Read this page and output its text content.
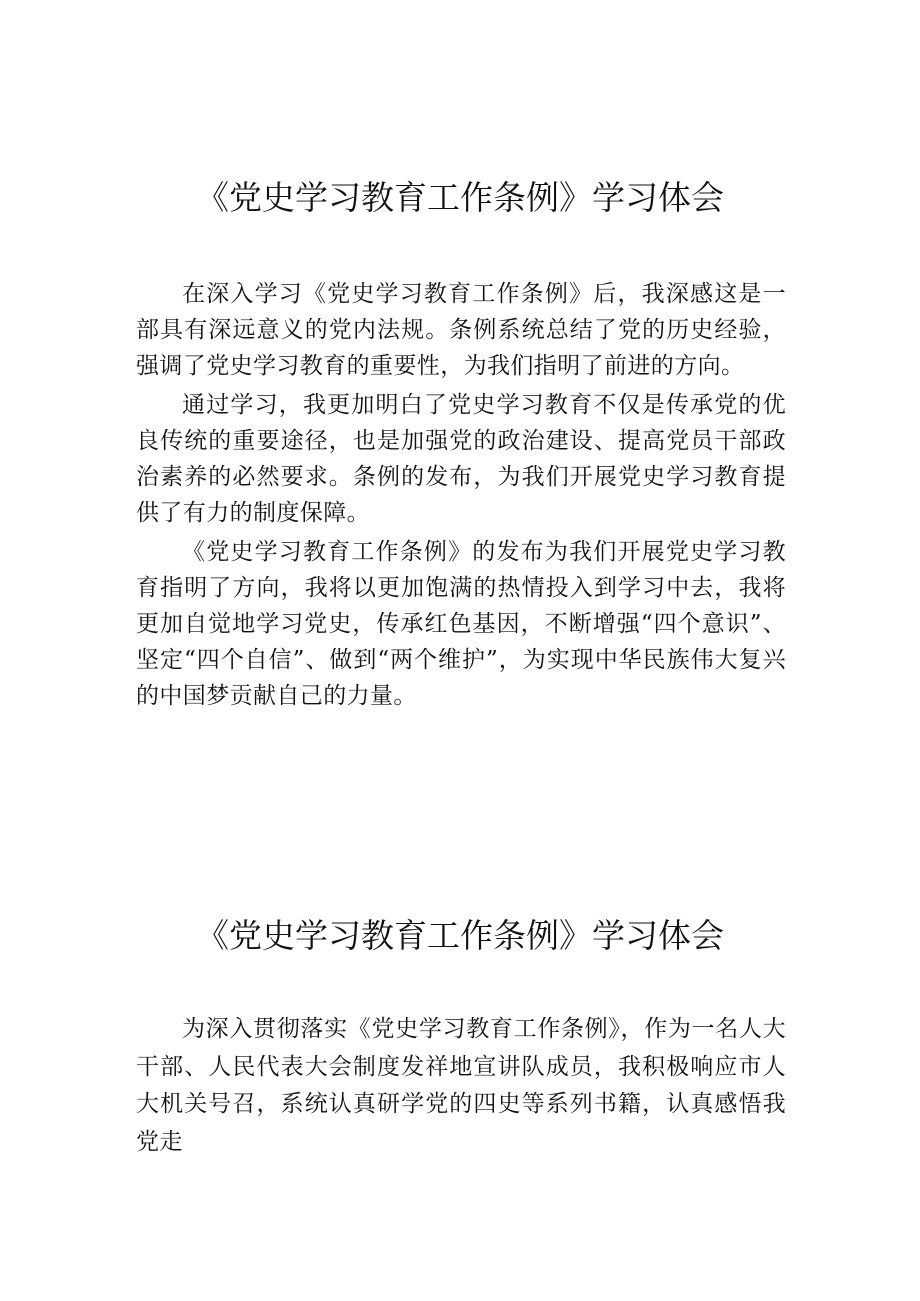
《党史学习教育工作条例》学习体会

在深入学习《党史学习教育工作条例》后，我深感这是一部具有深远意义的党内法规。条例系统总结了党的历史经验，强调了党史学习教育的重要性，为我们指明了前进的方向。

通过学习，我更加明白了党史学习教育不仅是传承党的优良传统的重要途径，也是加强党的政治建设、提高党员干部政治素养的必然要求。条例的发布，为我们开展党史学习教育提供了有力的制度保障。

《党史学习教育工作条例》的发布为我们开展党史学习教育指明了方向，我将以更加饱满的热情投入到学习中去，我将更加自觉地学习党史，传承红色基因，不断增强“四个意识”、坚定“四个自信”、做到“两个维护”，为实现中华民族伟大复兴的中国梦贡献自己的力量。

《党史学习教育工作条例》学习体会

为深入贯彻落实《党史学习教育工作条例》，作为一名人大干部、人民代表大会制度发祥地宣讲队成员，我积极响应市人大机关号召，系统认真研学党的四史等系列书籍，认真感悟我党走
